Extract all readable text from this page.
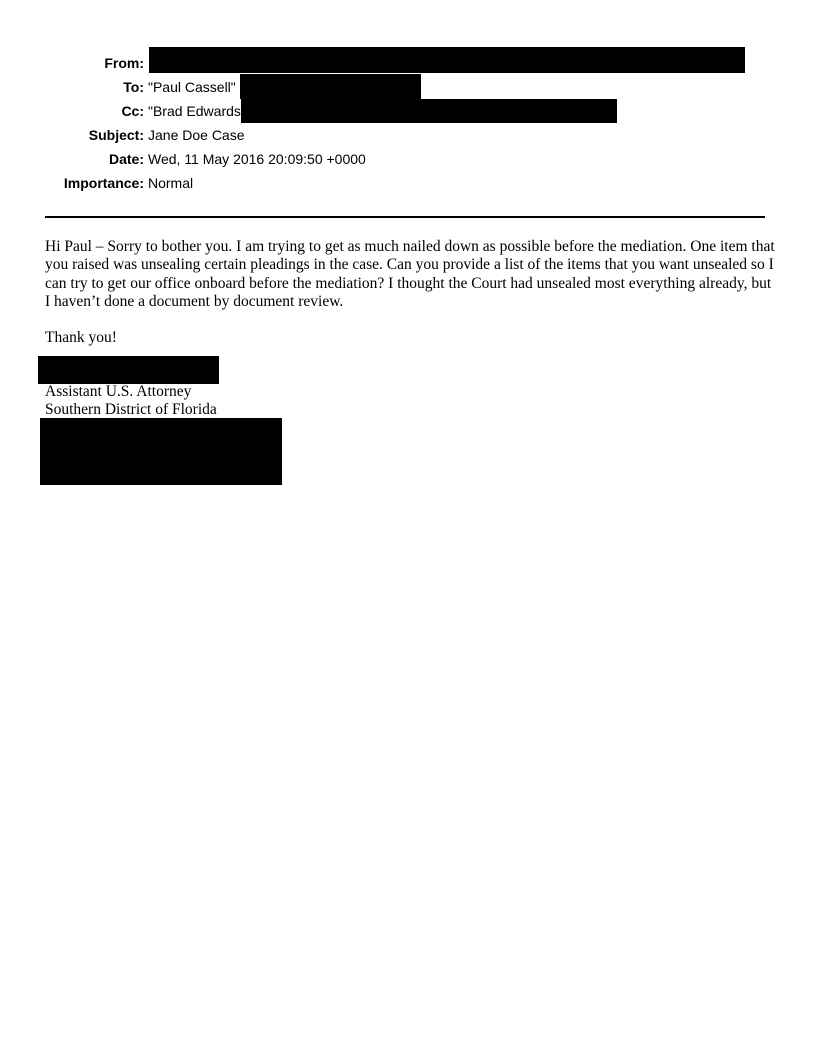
From:
To: "Paul Cassell"
Cc: "Brad Edwards
Subject: Jane Doe Case
Date: Wed, 11 May 2016 20:09:50 +0000
Importance: Normal
Hi Paul – Sorry to bother you. I am trying to get as much nailed down as possible before the mediation. One item that you raised was unsealing certain pleadings in the case. Can you provide a list of the items that you want unsealed so I can try to get our office onboard before the mediation? I thought the Court had unsealed most everything already, but I haven’t done a document by document review.
Thank you!
Assistant U.S. Attorney
Southern District of Florida
